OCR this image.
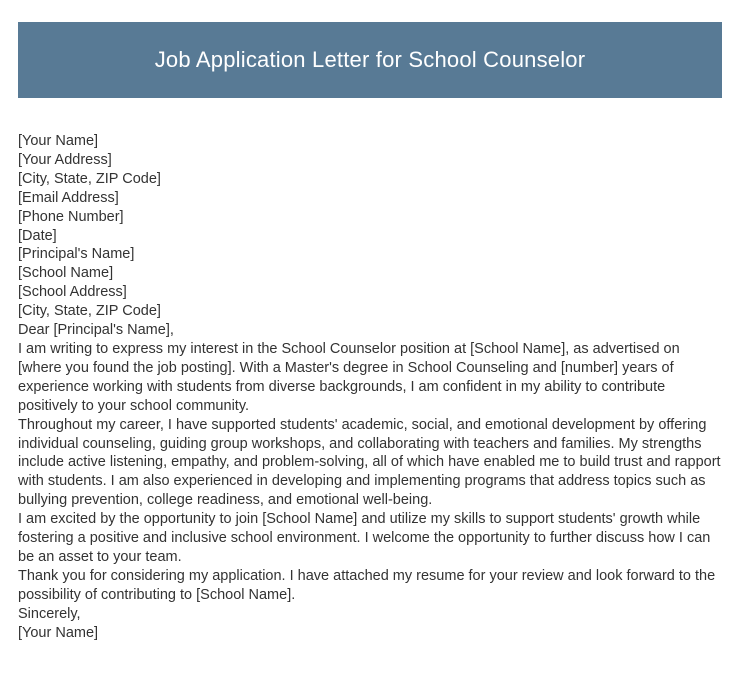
Job Application Letter for School Counselor

[Your Name]

[Your Address]

[City, State, ZIP Code]

[Email Address]

[Phone Number]

[Date]

[Principal's Name]

[School Name]

[School Address]

[City, State, ZIP Code]

Dear [Principal's Name],

I am writing to express my interest in the School Counselor position at [School Name], as advertised on [where you found the job posting]. With a Master's degree in School Counseling and [number] years of experience working with students from diverse backgrounds, I am confident in my ability to contribute positively to your school community.

Throughout my career, I have supported students' academic, social, and emotional development by offering individual counseling, guiding group workshops, and collaborating with teachers and families. My strengths include active listening, empathy, and problem-solving, all of which have enabled me to build trust and rapport with students. I am also experienced in developing and implementing programs that address topics such as bullying prevention, college readiness, and emotional well-being.

I am excited by the opportunity to join [School Name] and utilize my skills to support students' growth while fostering a positive and inclusive school environment. I welcome the opportunity to further discuss how I can be an asset to your team.

Thank you for considering my application. I have attached my resume for your review and look forward to the possibility of contributing to [School Name].

Sincerely,

[Your Name]
